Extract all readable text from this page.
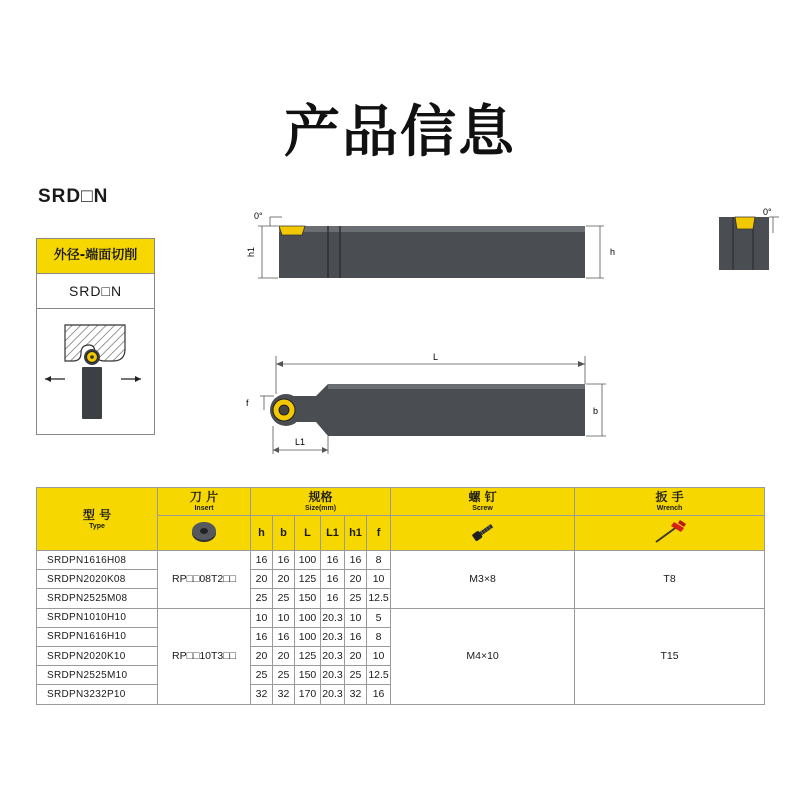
产品信息
SRD□N
外径-端面切削
SRD□N
0°
h1	h
0°
L
f
b
L1
型 号
Type	刀 片
Insert	规格
Size(mm)						螺 钉
Screw	扳 手
Wrench

	h	b	L	L1	h1	f		
SRDPN1616H08	RP□□08T2□□	16	16	100	16	16	8	M3×8	T8
SRDPN2020K08		20	20	125	16	20	10		
SRDPN2525M08		25	25	150	16	25	12.5		
SRDPN1010H10	RP□□10T3□□	10	10	100	20.3	10	5	M4×10	T15
SRDPN1616H10		16	16	100	20.3	16	8		
SRDPN2020K10		20	20	125	20.3	20	10		
SRDPN2525M10		25	25	150	20.3	25	12.5		
SRDPN3232P10		32	32	170	20.3	32	16		
